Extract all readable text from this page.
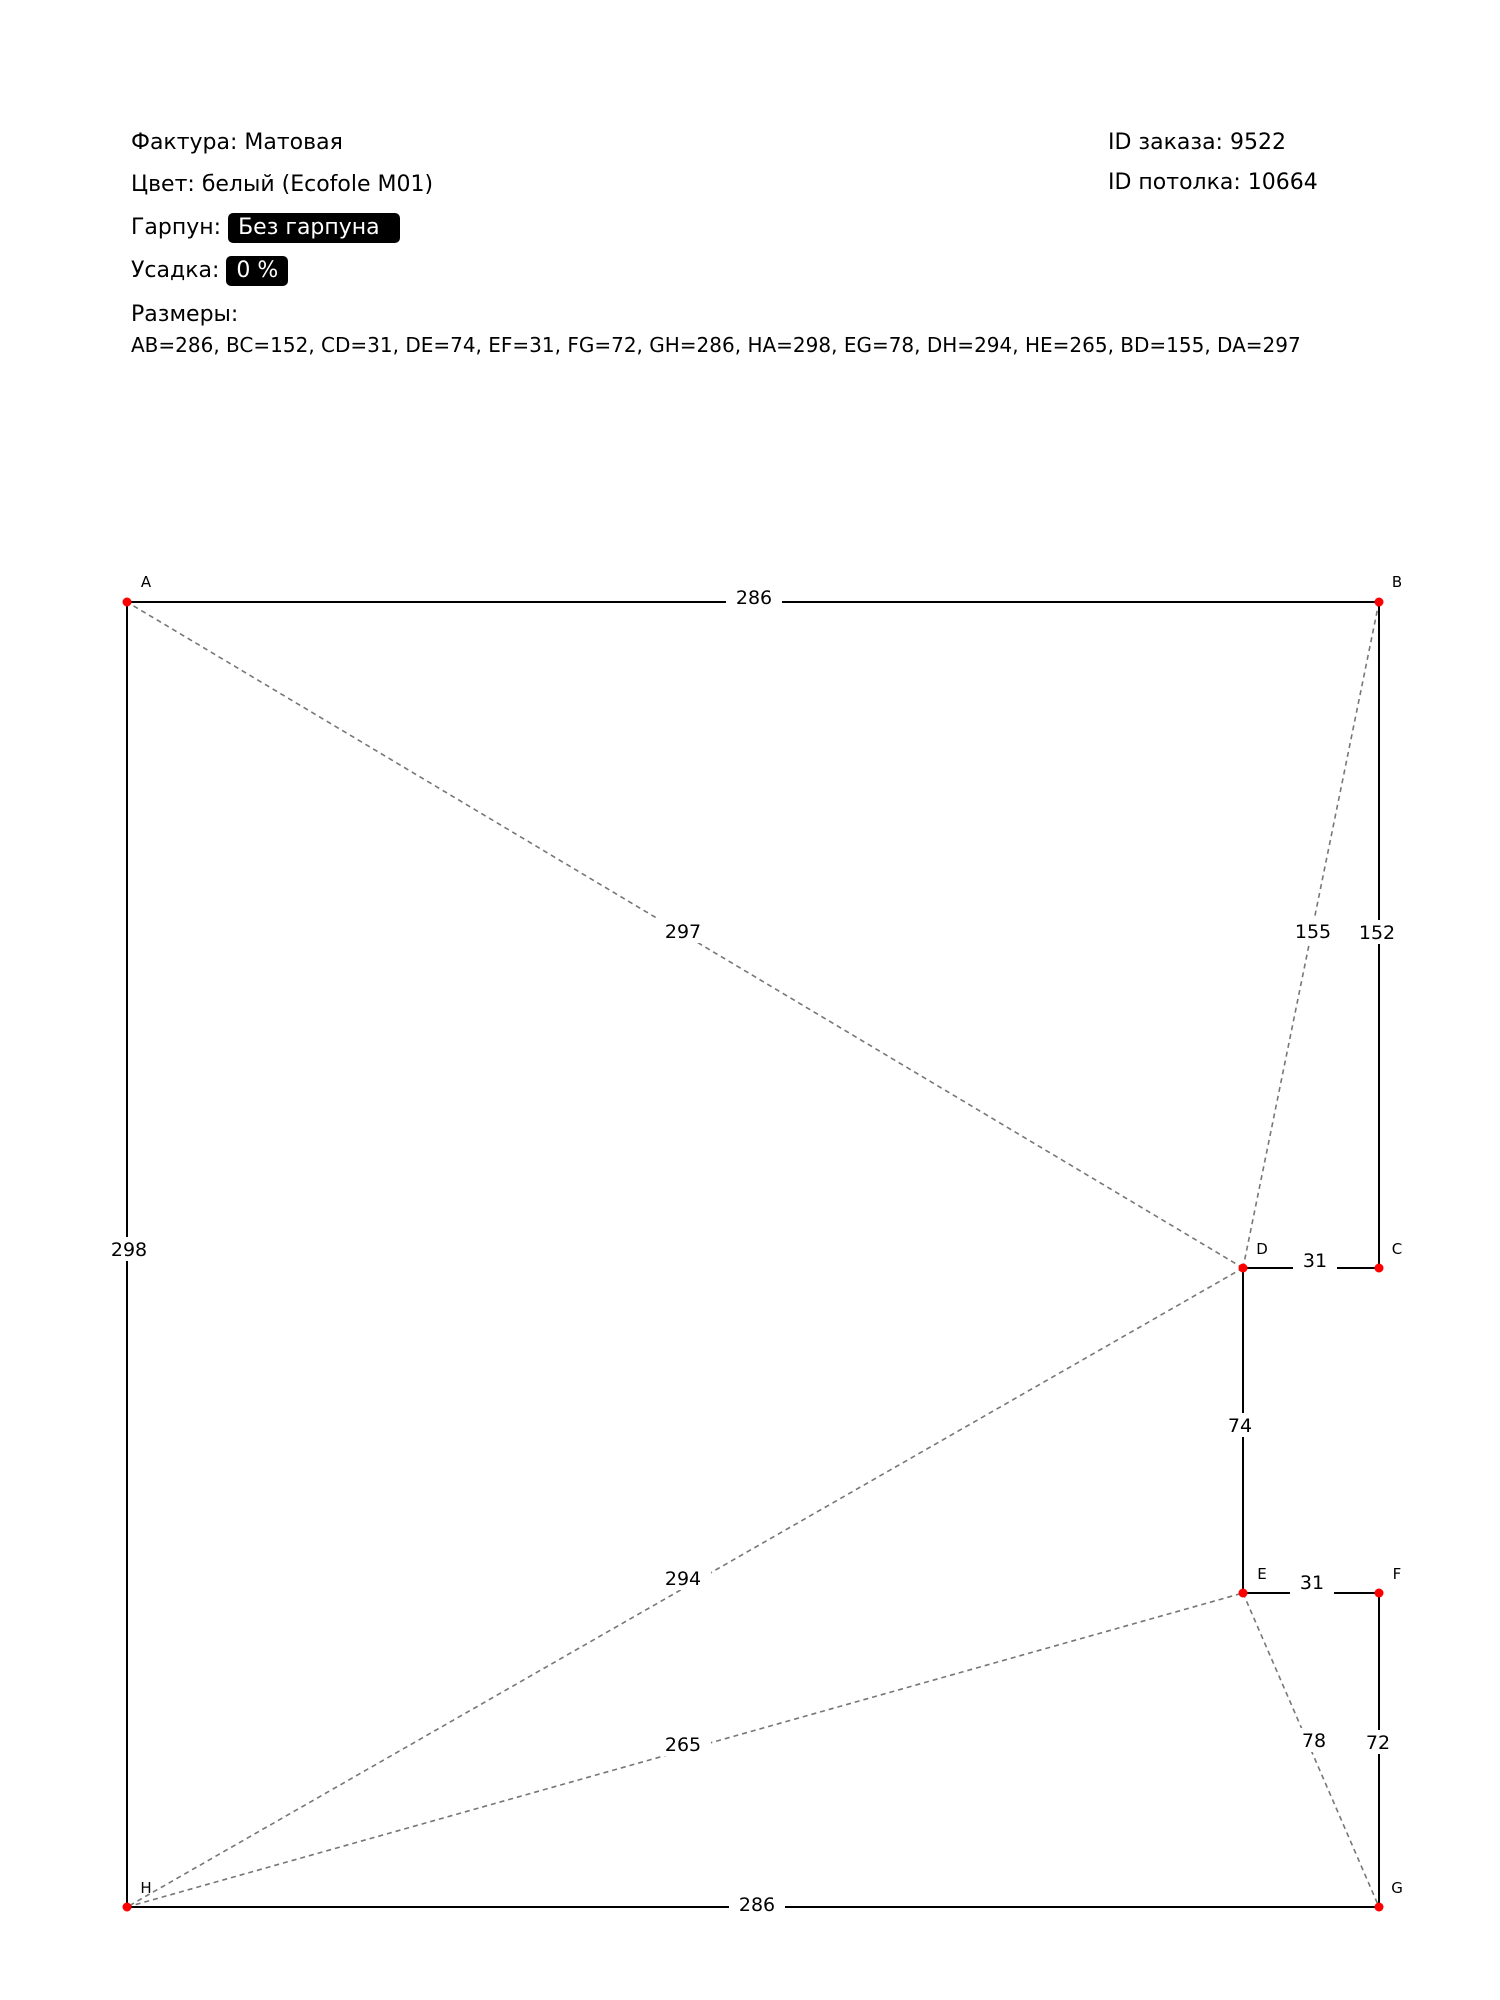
Фактура: Матовая
Цвет: белый (Ecofole M01)
Гарпун: Без гарпуна
Усадка: 0 %
Размеры:
AB=286, BC=152, CD=31, DE=74, EF=31, FG=72, GH=286, HA=298, EG=78, DH=294, HE=265, BD=155, DA=297
ID заказа: 9522
ID потолка: 10664
297	155
294
265	78
286
152
31
74
31
72
286
298
A	B
C
D
E	F
G
H
